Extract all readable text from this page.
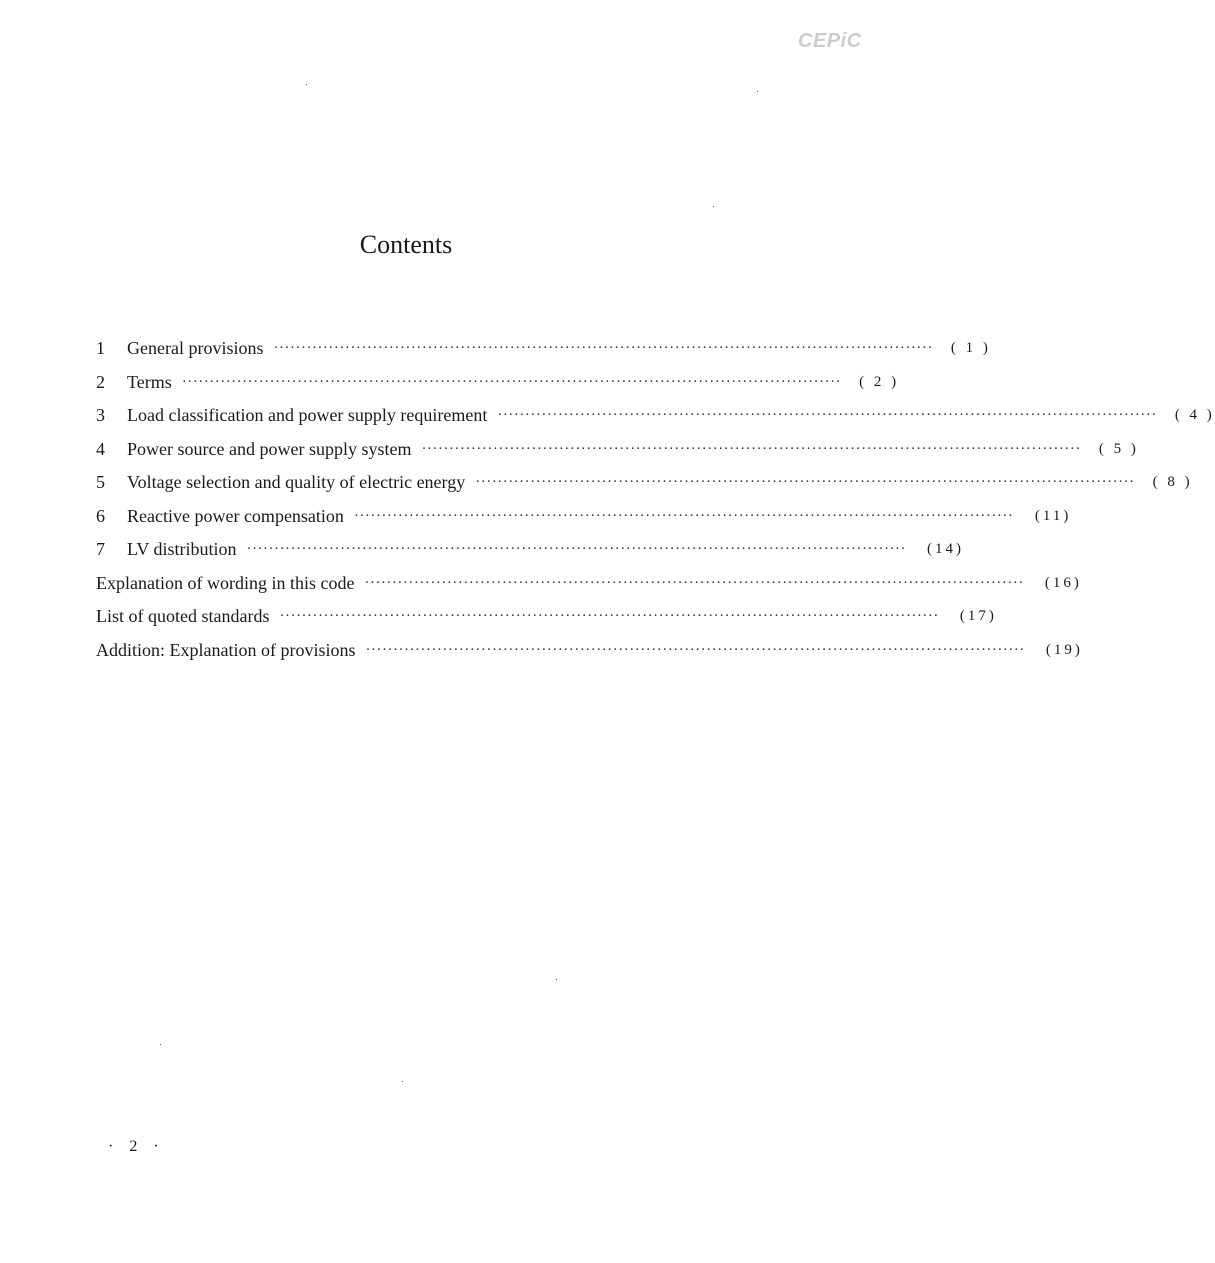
CEPiC
Contents
1	General provisions ························································································································	( 1 )
2	Terms ························································································································	( 2 )
3	Load classification and power supply requirement ························································································································	( 4 )
4	Power source and power supply system ························································································································	( 5 )
5	Voltage selection and quality of electric energy ························································································································	( 8 )
6	Reactive power compensation ························································································································	(11)
7	LV distribution ························································································································	(14)
Explanation of wording in this code ························································································································	(16)
List of quoted standards ························································································································	(17)
Addition: Explanation of provisions ························································································································	(19)
· 2 ·
